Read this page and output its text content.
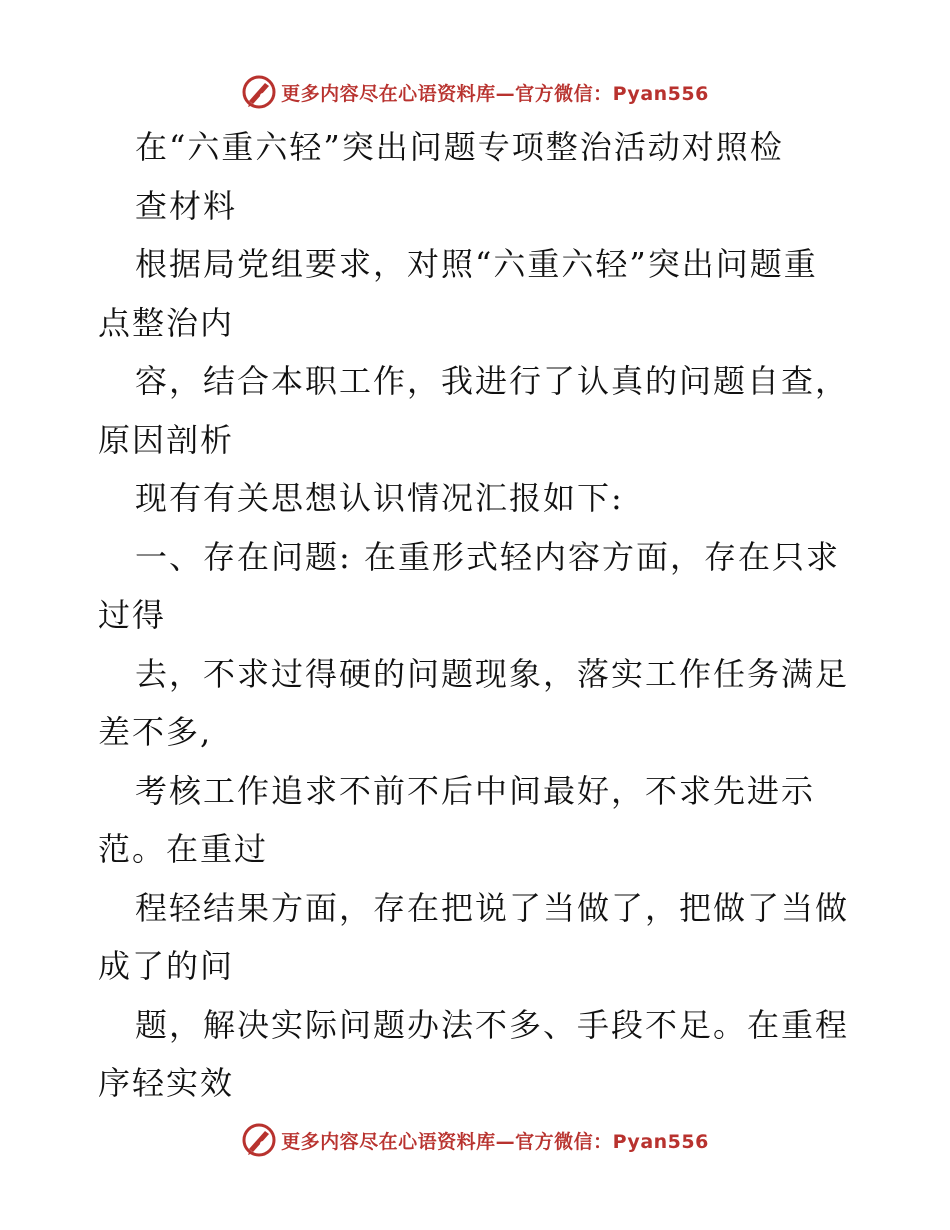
更多内容尽在心语资料库—官方微信：Pyan556
在“六重六轻”突出问题专项整治活动对照检
查材料
根据局党组要求，对照“六重六轻”突出问题重
点整治内
容，结合本职工作，我进行了认真的问题自查，
原因剖析
现有有关思想认识情况汇报如下:
一、存在问题: 在重形式轻内容方面，存在只求
过得
去，不求过得硬的问题现象，落实工作任务满足
差不多,
考核工作追求不前不后中间最好，不求先进示
范。在重过
程轻结果方面，存在把说了当做了，把做了当做
成了的问
题，解决实际问题办法不多、手段不足。在重程
序轻实效
更多内容尽在心语资料库—官方微信：Pyan556
